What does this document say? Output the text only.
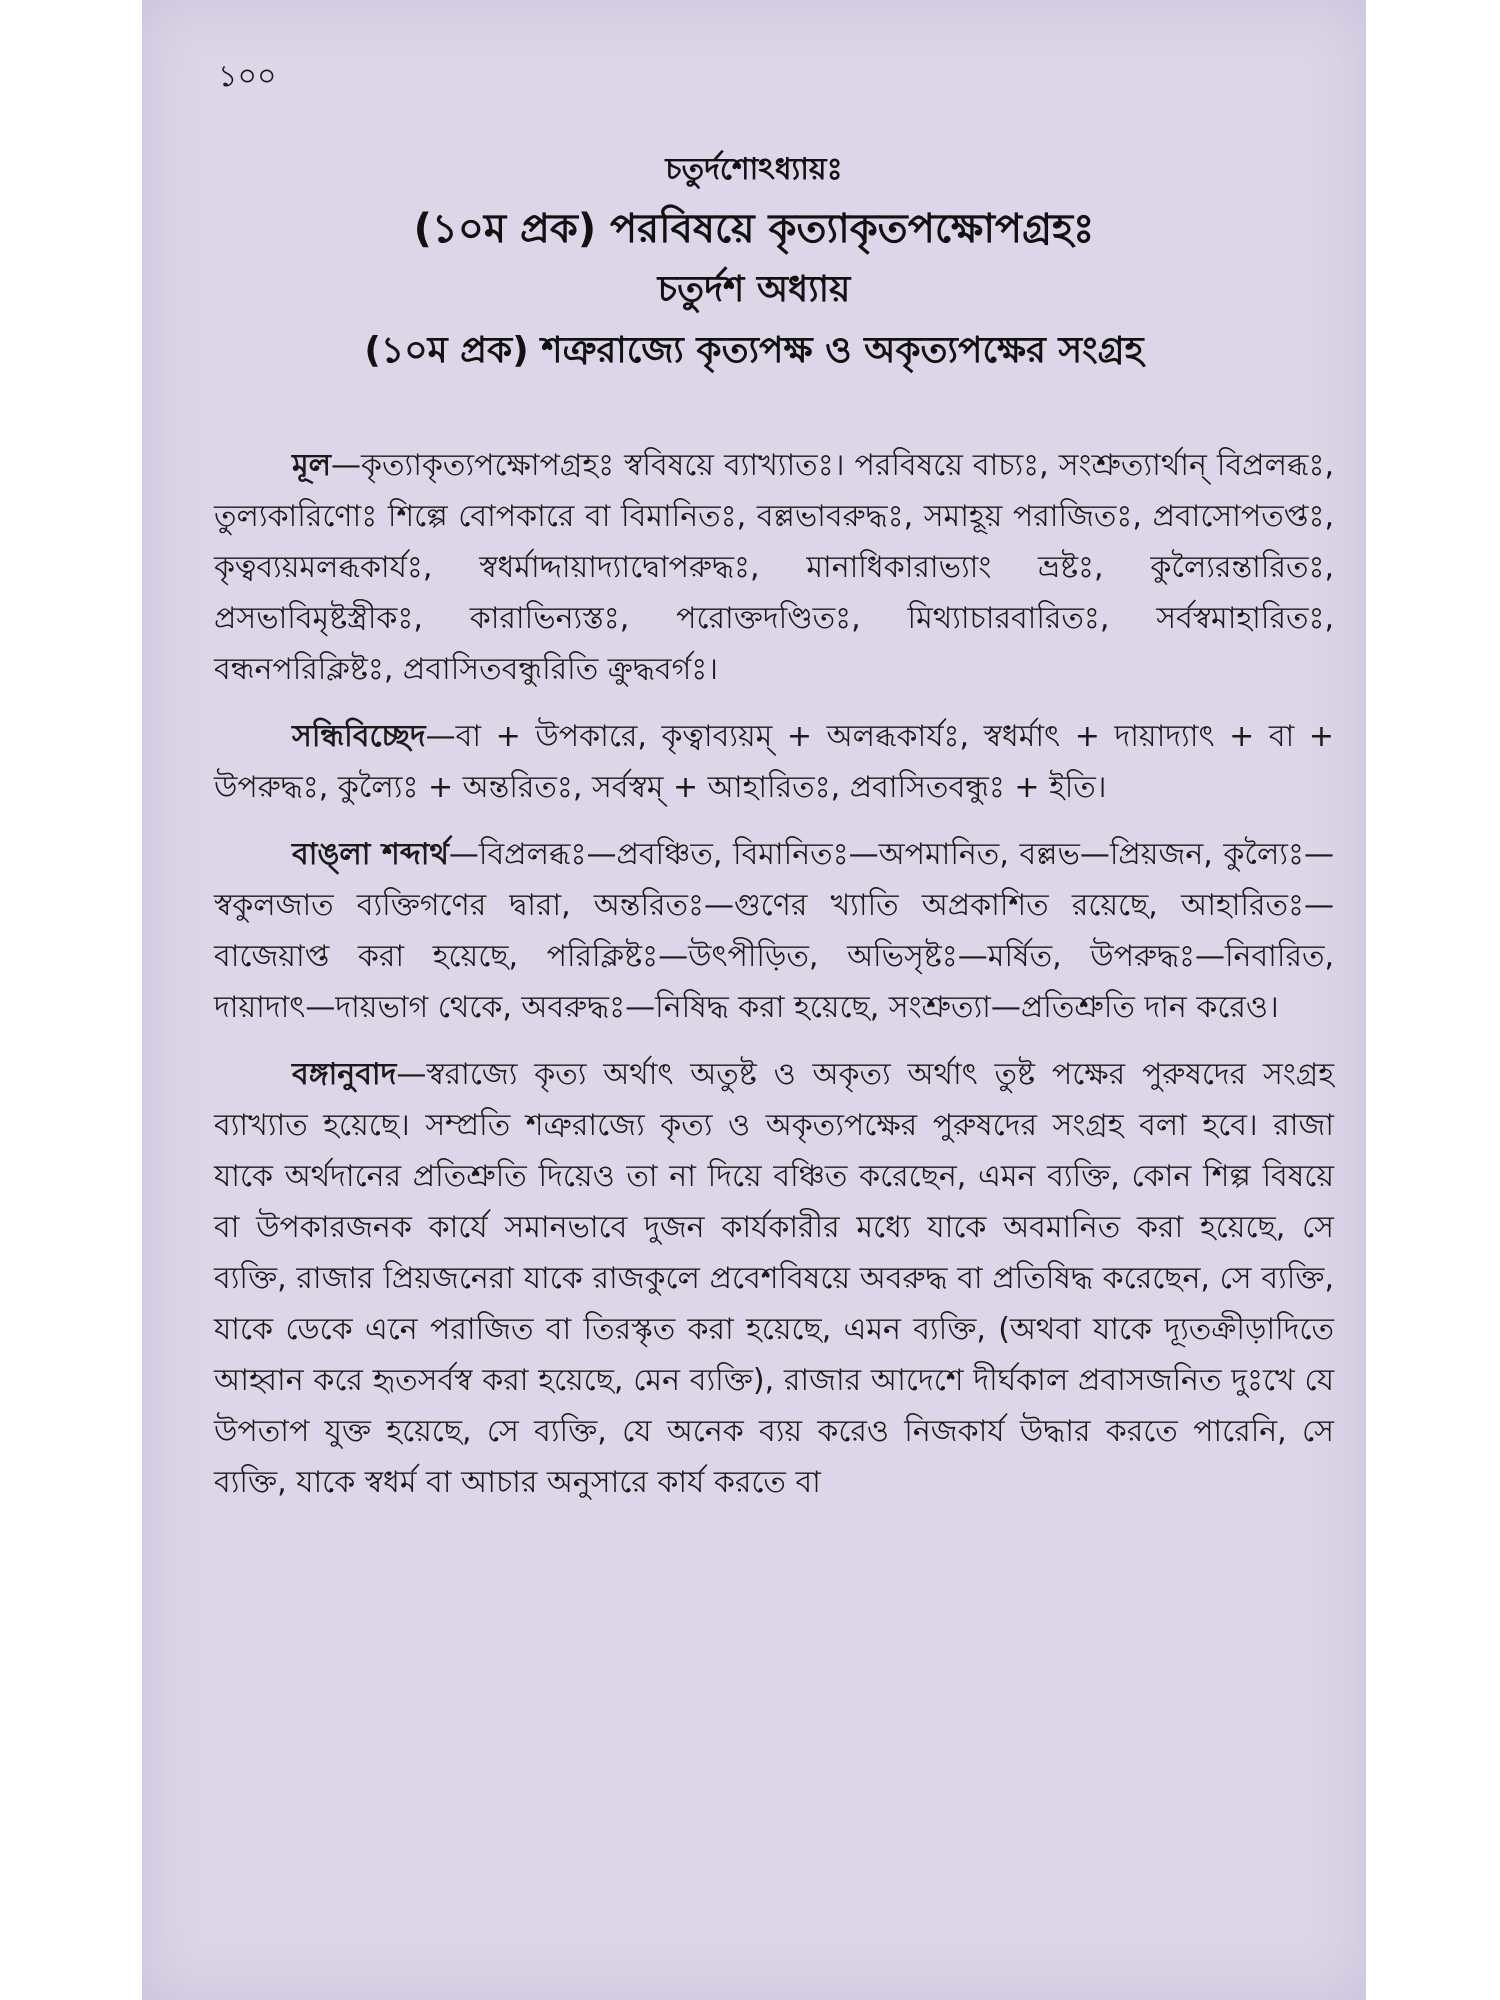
১০০
চতুর্দশোঽধ্যায়ঃ
(১০ম প্রক) পরবিষয়ে কৃত্যাকৃতপক্ষোপগ্রহঃ
চতুর্দশ অধ্যায়
(১০ম প্রক) শত্রুরাজ্যে কৃত্যপক্ষ ও অকৃত্যপক্ষের সংগ্রহ

মূল—কৃত্যাকৃত্যপক্ষোপগ্রহঃ স্ববিষয়ে ব্যাখ্যাতঃ। পরবিষয়ে বাচ্যঃ, সংশ্রুত্যার্থান্‌ বিপ্রলব্ধঃ, তুল্যকারিণোঃ শিল্পে বোপকারে বা বিমানিতঃ, বল্লভাবরুদ্ধঃ, সমাহূয় পরাজিতঃ, প্রবাসোপতপ্তঃ, কৃত্বব্যয়মলব্ধকার্যঃ, স্বধর্মাদ্দায়াদ্যাদ্বোপরুদ্ধঃ, মানাধিকারাভ্যাং ভ্রষ্টঃ, কুল্যৈরন্তারিতঃ, প্রসভাবিমৃষ্টস্ত্রীকঃ, কারাভিন্যস্তঃ, পরোক্তদণ্ডিতঃ, মিথ্যাচারবারিতঃ, সর্বস্বমাহারিতঃ, বন্ধনপরিক্লিষ্টঃ, প্রবাসিতবন্ধুরিতি ক্রুদ্ধবর্গঃ।

সন্ধিবিচ্ছেদ—বা + উপকারে, কৃত্বাব্যয়ম্‌ + অলব্ধকার্যঃ, স্বধর্মাৎ + দায়াদ্যাৎ + বা + উপরুদ্ধঃ, কুল্যৈঃ + অন্তরিতঃ, সর্বস্বম্‌ + আহারিতঃ, প্রবাসিতবন্ধুঃ + ইতি।

বাঙ্‌লা শব্দার্থ—বিপ্রলব্ধঃ—প্রবঞ্চিত, বিমানিতঃ—অপমানিত, বল্লভ—প্রিয়জন, কুল্যৈঃ—স্বকুলজাত ব্যক্তিগণের দ্বারা, অন্তরিতঃ—গুণের খ্যাতি অপ্রকাশিত রয়েছে, আহারিতঃ—বাজেয়াপ্ত করা হয়েছে, পরিক্লিষ্টঃ—উৎপীড়িত, অভিসৃষ্টঃ—মর্ষিত, উপরুদ্ধঃ—নিবারিত, দায়াদাৎ—দায়ভাগ থেকে, অবরুদ্ধঃ—নিষিদ্ধ করা হয়েছে, সংশ্রুত্যা—প্রতিশ্রুতি দান করেও।

বঙ্গানুবাদ—স্বরাজ্যে কৃত্য অর্থাৎ অতুষ্ট ও অকৃত্য অর্থাৎ তুষ্ট পক্ষের পুরুষদের সংগ্রহ ব্যাখ্যাত হয়েছে। সম্প্রতি শত্রুরাজ্যে কৃত্য ও অকৃত্যপক্ষের পুরুষদের সংগ্রহ বলা হবে। রাজা যাকে অর্থদানের প্রতিশ্রুতি দিয়েও তা না দিয়ে বঞ্চিত করেছেন, এমন ব্যক্তি, কোন শিল্প বিষয়ে বা উপকারজনক কার্যে সমানভাবে দুজন কার্যকারীর মধ্যে যাকে অবমানিত করা হয়েছে, সে ব্যক্তি, রাজার প্রিয়জনেরা যাকে রাজকুলে প্রবেশবিষয়ে অবরুদ্ধ বা প্রতিষিদ্ধ করেছেন, সে ব্যক্তি, যাকে ডেকে এনে পরাজিত বা তিরস্কৃত করা হয়েছে, এমন ব্যক্তি, (অথবা যাকে দ্যূতক্রীড়াদিতে আহ্বান করে হৃতসর্বস্ব করা হয়েছে, মেন ব্যক্তি), রাজার আদেশে দীর্ঘকাল প্রবাসজনিত দুঃখে যে উপতাপ যুক্ত হয়েছে, সে ব্যক্তি, যে অনেক ব্যয় করেও নিজকার্য উদ্ধার করতে পারেনি, সে ব্যক্তি, যাকে স্বধর্ম বা আচার অনুসারে কার্য করতে বা
